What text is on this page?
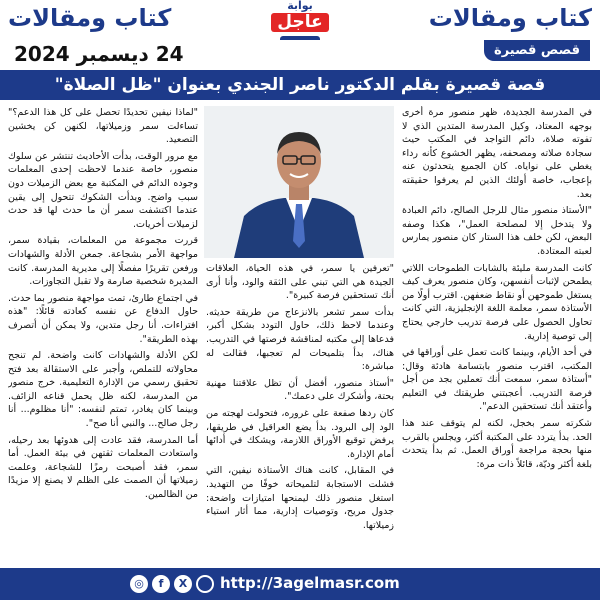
كتاب ومقالات
كتاب ومقالات	بوابة
عاجل
قصص قصيرة
24 ديسمبر 2024
قصة قصيرة بقلم الدكتور ناصر الجندي بعنوان "ظل الصلاة"

في المدرسة الجديدة، ظهر منصور مرة أخرى بوجهه المعتاد، وكيل المدرسة المتدين الذي لا تفوته صلاة، دائم التواجد في المكتب حيث سجادة صلاته ومصحفه، يظهر الخشوع كأنه رداء يغطي على نواياه. كان الجميع يتحدثون عنه بإعجاب، خاصة أولئك الذين لم يعرفوا حقيقته بعد.

"الأستاذ منصور مثال للرجل الصالح، دائم العبادة ولا يتدخل إلا لمصلحة العمل"، هكذا وصفه البعض، لكن خلف هذا الستار كان منصور يمارس لعبته المعتادة.

كانت المدرسة مليئة بالشابات الطموحات اللاتي يطمحن لإثبات أنفسهن، وكان منصور يعرف كيف يستغل طموحهن أو نقاط ضعفهن. اقترب أولًا من الأستاذة سمر، معلمة اللغة الإنجليزية، التي كانت تحاول الحصول على فرصة تدريب خارجي يحتاج إلى توصية إدارية.

في أحد الأيام، وبينما كانت تعمل على أوراقها في المكتب، اقترب منصور بابتسامة هادئة وقال: "أستاذة سمر، سمعت أنك تعملين بجد من أجل فرصة التدريب. أعجبتني طريقتك في التعليم وأعتقد أنك تستحقين الدعم".

شكرته سمر بخجل، لكنه لم يتوقف عند هذا الحد. بدأ يتردد على المكتبة أكثر، ويجلس بالقرب منها بحجة مراجعة أوراق العمل. ثم بدأ يتحدث بلغة أكثر وديّة، قائلاً ذات مرة:

"تعرفين يا سمر، في هذه الحياة، العلاقات الجيدة هي التي تبني على الثقة والود، وأنا أرى أنك تستحقين فرصة كبيرة".

بدأت سمر تشعر بالانزعاج من طريقة حديثه. وعندما لاحظ ذلك، حاول التودد بشكل أكبر، فدعاها إلى مكتبه لمناقشة فرصتها في التدريب. هناك، بدأ بتلميحات لم تعجبها، فقالت له مباشرة:

"أستاذ منصور، أفضل أن تظل علاقتنا مهنية بحتة، وأشكرك على دعمك".

كان ردها صفعة على غروره، فتحولت لهجته من الود إلى البرود. بدأ يضع العراقيل في طريقها، يرفض توقيع الأوراق اللازمة، ويشكك في أدائها أمام الإدارة.

في المقابل، كانت هناك الأستاذة نيفين، التي فشلت الاستجابة لتلميحاته خوفًا من التهديد. استغل منصور ذلك ليمنحها امتيازات واضحة: جدول مريح، وتوصيات إدارية، مما أثار استياء زميلاتها.

"لماذا نيفين تحديدًا تحصل على كل هذا الدعم؟" تساءلت سمر وزميلاتها، لكنهن كن يخشين التصعيد.

مع مرور الوقت، بدأت الأحاديث تنتشر عن سلوك منصور، خاصة عندما لاحظت إحدى المعلمات وجوده الدائم في المكتبة مع بعض الزميلات دون سبب واضح. وبدأت الشكوك تتحول إلى يقين عندما اكتشفت سمر أن ما حدث لها قد حدث لزميلات أخريات.

قررت مجموعة من المعلمات، بقيادة سمر، مواجهة الأمر بشجاعة. جمعن الأدلة والشهادات ورفعن تقريرًا مفصلًا إلى مديرية المدرسة. كانت المديرة شخصية صارمة ولا تقبل التجاوزات.

في اجتماع طارئ، تمت مواجهة منصور بما حدث. حاول الدفاع عن نفسه كعادته قائلًا: "هذه افتراءات. أنا رجل متدين، ولا يمكن أن أتصرف بهذه الطريقة".

لكن الأدلة والشهادات كانت واضحة. لم تنجح محاولاته للتملص، وأجبر على الاستقالة بعد فتح تحقيق رسمي من الإدارة التعليمية. خرج منصور من المدرسة، لكنه ظل يحمل قناعه الزائف. وبينما كان يغادر، تمتم لنفسه: "أنا مظلوم... أنا رجل صالح... والنبي أنا صح".

أما المدرسة، فقد عادت إلى هدوئها بعد رحيله، واستعادت المعلمات ثقتهن في بيئة العمل. أما سمر، فقد أصبحت رمزًا للشجاعة، وعلمت زميلاتها أن الصمت على الظلم لا يصنع إلا مزيدًا من الظالمين.

◎	f	X	http://3agelmasr.com
